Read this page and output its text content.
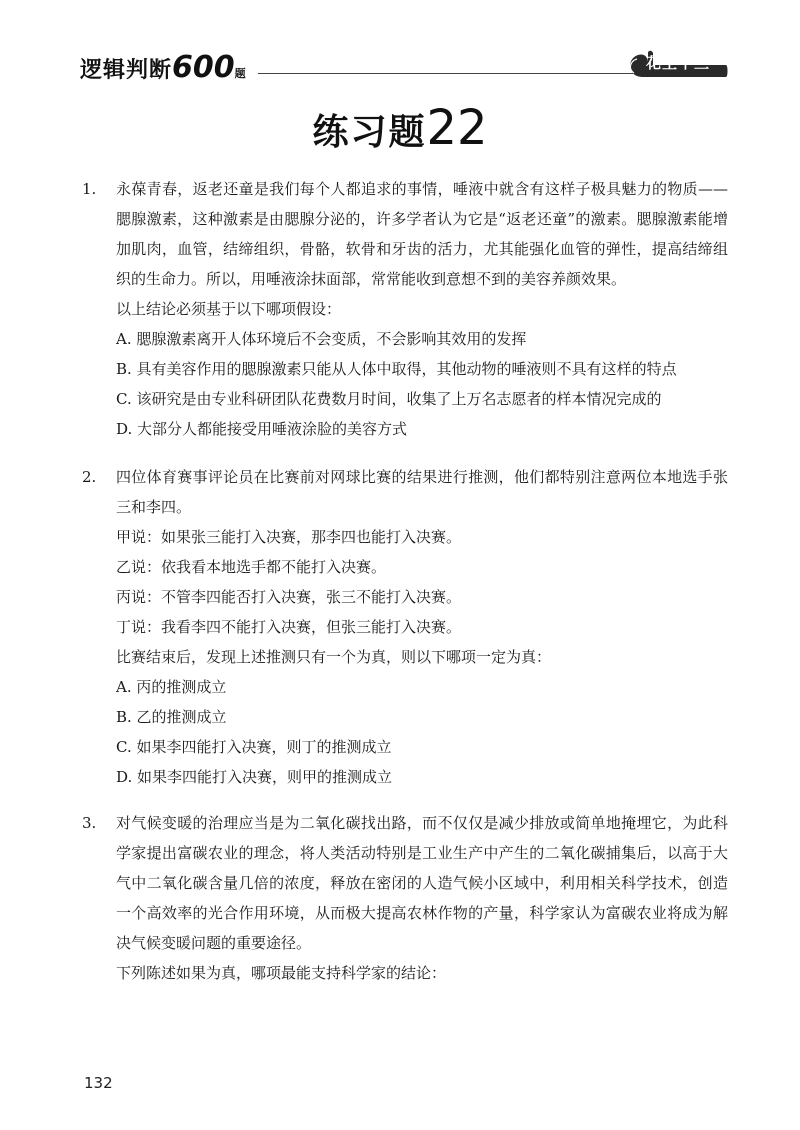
逻辑判断600题
花生十三
练习题22
1.	永葆青春，返老还童是我们每个人都追求的事情，唾液中就含有这样子极具魅力的物质——腮腺激素，这种激素是由腮腺分泌的，许多学者认为它是“返老还童”的激素。腮腺激素能增加肌肉，血管，结缔组织，骨骼，软骨和牙齿的活力，尤其能强化血管的弹性，提高结缔组织的生命力。所以，用唾液涂抹面部，常常能收到意想不到的美容养颜效果。
以上结论必须基于以下哪项假设：
A. 腮腺激素离开人体环境后不会变质，不会影响其效用的发挥
B. 具有美容作用的腮腺激素只能从人体中取得，其他动物的唾液则不具有这样的特点
C. 该研究是由专业科研团队花费数月时间，收集了上万名志愿者的样本情况完成的
D. 大部分人都能接受用唾液涂脸的美容方式
2.	四位体育赛事评论员在比赛前对网球比赛的结果进行推测，他们都特别注意两位本地选手张三和李四。
甲说：如果张三能打入决赛，那李四也能打入决赛。
乙说：依我看本地选手都不能打入决赛。
丙说：不管李四能否打入决赛，张三不能打入决赛。
丁说：我看李四不能打入决赛，但张三能打入决赛。
比赛结束后，发现上述推测只有一个为真，则以下哪项一定为真：
A. 丙的推测成立
B. 乙的推测成立
C. 如果李四能打入决赛，则丁的推测成立
D. 如果李四能打入决赛，则甲的推测成立
3.	对气候变暖的治理应当是为二氧化碳找出路，而不仅仅是减少排放或简单地掩埋它，为此科学家提出富碳农业的理念，将人类活动特别是工业生产中产生的二氧化碳捕集后，以高于大气中二氧化碳含量几倍的浓度，释放在密闭的人造气候小区域中，利用相关科学技术，创造一个高效率的光合作用环境，从而极大提高农林作物的产量，科学家认为富碳农业将成为解决气候变暖问题的重要途径。
下列陈述如果为真，哪项最能支持科学家的结论：
132
